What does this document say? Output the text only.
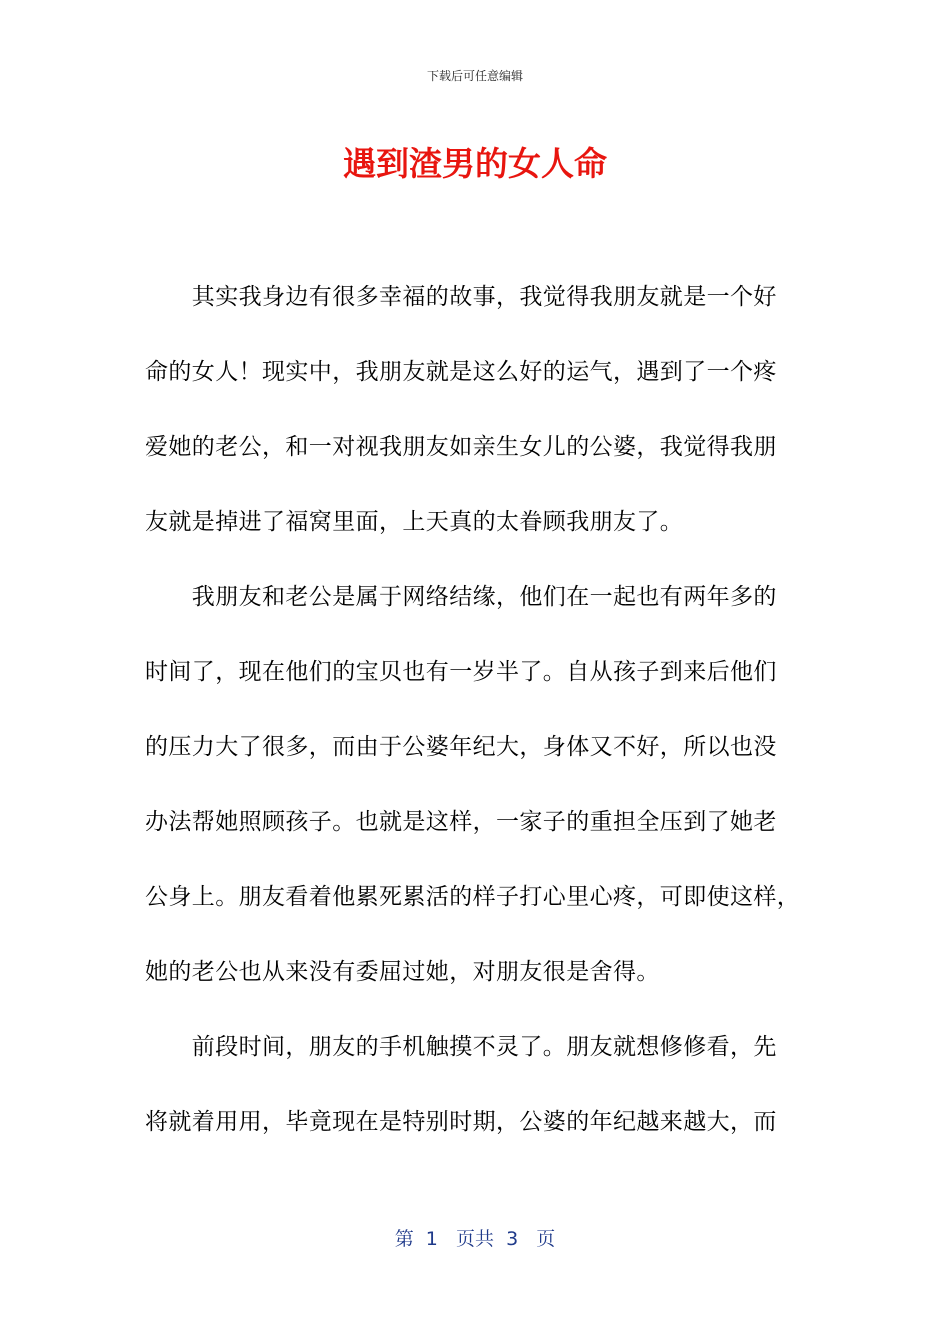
下载后可任意编辑
遇到渣男的女人命
　　其实我身边有很多幸福的故事，我觉得我朋友就是一个好
命的女人！现实中，我朋友就是这么好的运气，遇到了一个疼
爱她的老公，和一对视我朋友如亲生女儿的公婆，我觉得我朋
友就是掉进了福窝里面，上天真的太眷顾我朋友了。
　　我朋友和老公是属于网络结缘，他们在一起也有两年多的
时间了，现在他们的宝贝也有一岁半了。自从孩子到来后他们
的压力大了很多，而由于公婆年纪大，身体又不好，所以也没
办法帮她照顾孩子。也就是这样，一家子的重担全压到了她老
公身上。朋友看着他累死累活的样子打心里心疼，可即使这样，
她的老公也从来没有委屈过她，对朋友很是舍得。
　　前段时间，朋友的手机触摸不灵了。朋友就想修修看，先
将就着用用，毕竟现在是特别时期，公婆的年纪越来越大，而
第  1   页共  3   页
